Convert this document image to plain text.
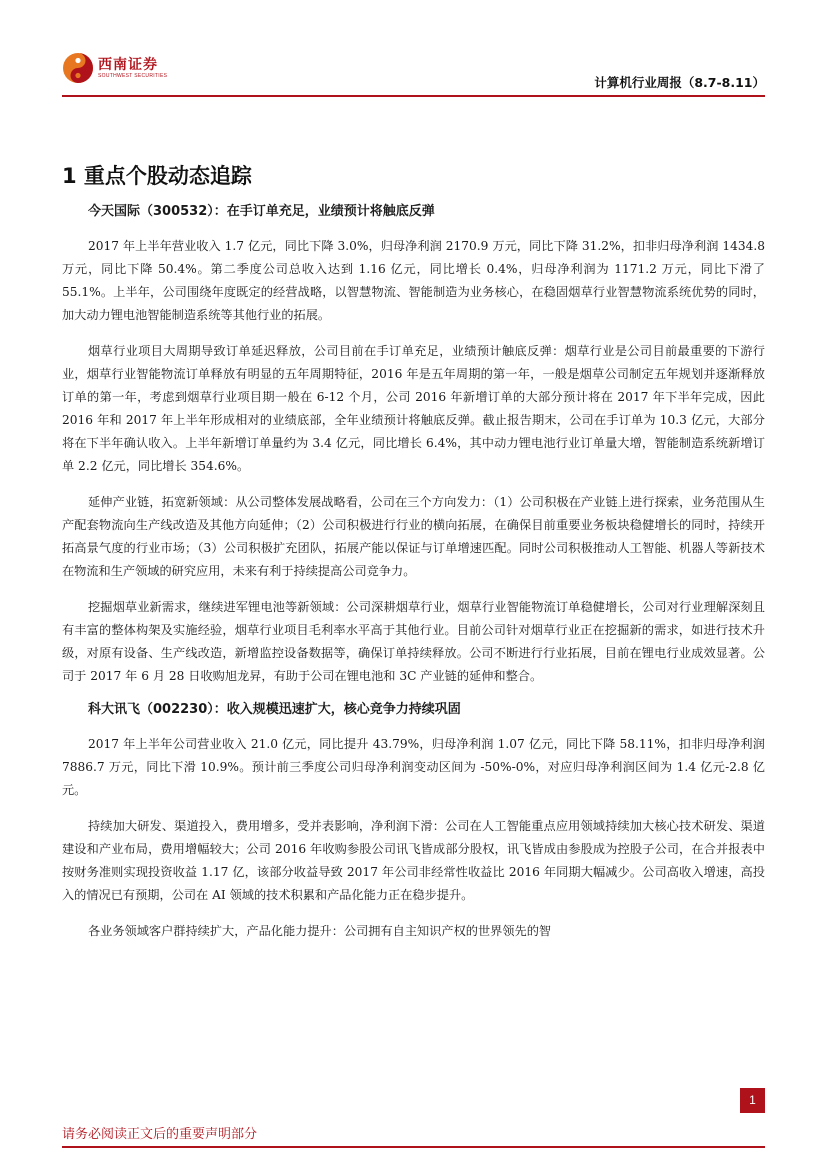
西南证券
SOUTHWEST SECURITIES	计算机行业周报（8.7-8.11）
1 重点个股动态追踪
今天国际（300532）：在手订单充足，业绩预计将触底反弹

2017 年上半年营业收入 1.7 亿元，同比下降 3.0%，归母净利润 2170.9 万元，同比下降 31.2%，扣非归母净利润 1434.8 万元，同比下降 50.4%。第二季度公司总收入达到 1.16 亿元，同比增长 0.4%，归母净利润为 1171.2 万元，同比下滑了 55.1%。上半年，公司围绕年度既定的经营战略，以智慧物流、智能制造为业务核心，在稳固烟草行业智慧物流系统优势的同时，加大动力锂电池智能制造系统等其他行业的拓展。

烟草行业项目大周期导致订单延迟释放，公司目前在手订单充足，业绩预计触底反弹：烟草行业是公司目前最重要的下游行业，烟草行业智能物流订单释放有明显的五年周期特征，2016 年是五年周期的第一年，一般是烟草公司制定五年规划并逐渐释放订单的第一年，考虑到烟草行业项目期一般在 6-12 个月，公司 2016 年新增订单的大部分预计将在 2017 年下半年完成，因此 2016 年和 2017 年上半年形成相对的业绩底部，全年业绩预计将触底反弹。截止报告期末，公司在手订单为 10.3 亿元，大部分将在下半年确认收入。上半年新增订单量约为 3.4 亿元，同比增长 6.4%，其中动力锂电池行业订单量大增，智能制造系统新增订单 2.2 亿元，同比增长 354.6%。

延伸产业链，拓宽新领域：从公司整体发展战略看，公司在三个方向发力：（1）公司积极在产业链上进行探索，业务范围从生产配套物流向生产线改造及其他方向延伸；（2）公司积极进行行业的横向拓展，在确保目前重要业务板块稳健增长的同时，持续开拓高景气度的行业市场；（3）公司积极扩充团队，拓展产能以保证与订单增速匹配。同时公司积极推动人工智能、机器人等新技术在物流和生产领域的研究应用，未来有利于持续提高公司竞争力。

挖掘烟草业新需求，继续进军锂电池等新领域：公司深耕烟草行业，烟草行业智能物流订单稳健增长，公司对行业理解深刻且有丰富的整体构架及实施经验，烟草行业项目毛利率水平高于其他行业。目前公司针对烟草行业正在挖掘新的需求，如进行技术升级，对原有设备、生产线改造，新增监控设备数据等，确保订单持续释放。公司不断进行行业拓展，目前在锂电行业成效显著。公司于 2017 年 6 月 28 日收购旭龙昇，有助于公司在锂电池和 3C 产业链的延伸和整合。

科大讯飞（002230）：收入规模迅速扩大，核心竞争力持续巩固

2017 年上半年公司营业收入 21.0 亿元，同比提升 43.79%，归母净利润 1.07 亿元，同比下降 58.11%，扣非归母净利润 7886.7 万元，同比下滑 10.9%。预计前三季度公司归母净利润变动区间为 -50%-0%，对应归母净利润区间为 1.4 亿元-2.8 亿元。

持续加大研发、渠道投入，费用增多，受并表影响，净利润下滑：公司在人工智能重点应用领域持续加大核心技术研发、渠道建设和产业布局，费用增幅较大；公司 2016 年收购参股公司讯飞皆成部分股权，讯飞皆成由参股成为控股子公司，在合并报表中按财务准则实现投资收益 1.17 亿，该部分收益导致 2017 年公司非经常性收益比 2016 年同期大幅减少。公司高收入增速，高投入的情况已有预期，公司在 AI 领域的技术积累和产品化能力正在稳步提升。

各业务领域客户群持续扩大，产品化能力提升：公司拥有自主知识产权的世界领先的智

1
请务必阅读正文后的重要声明部分
